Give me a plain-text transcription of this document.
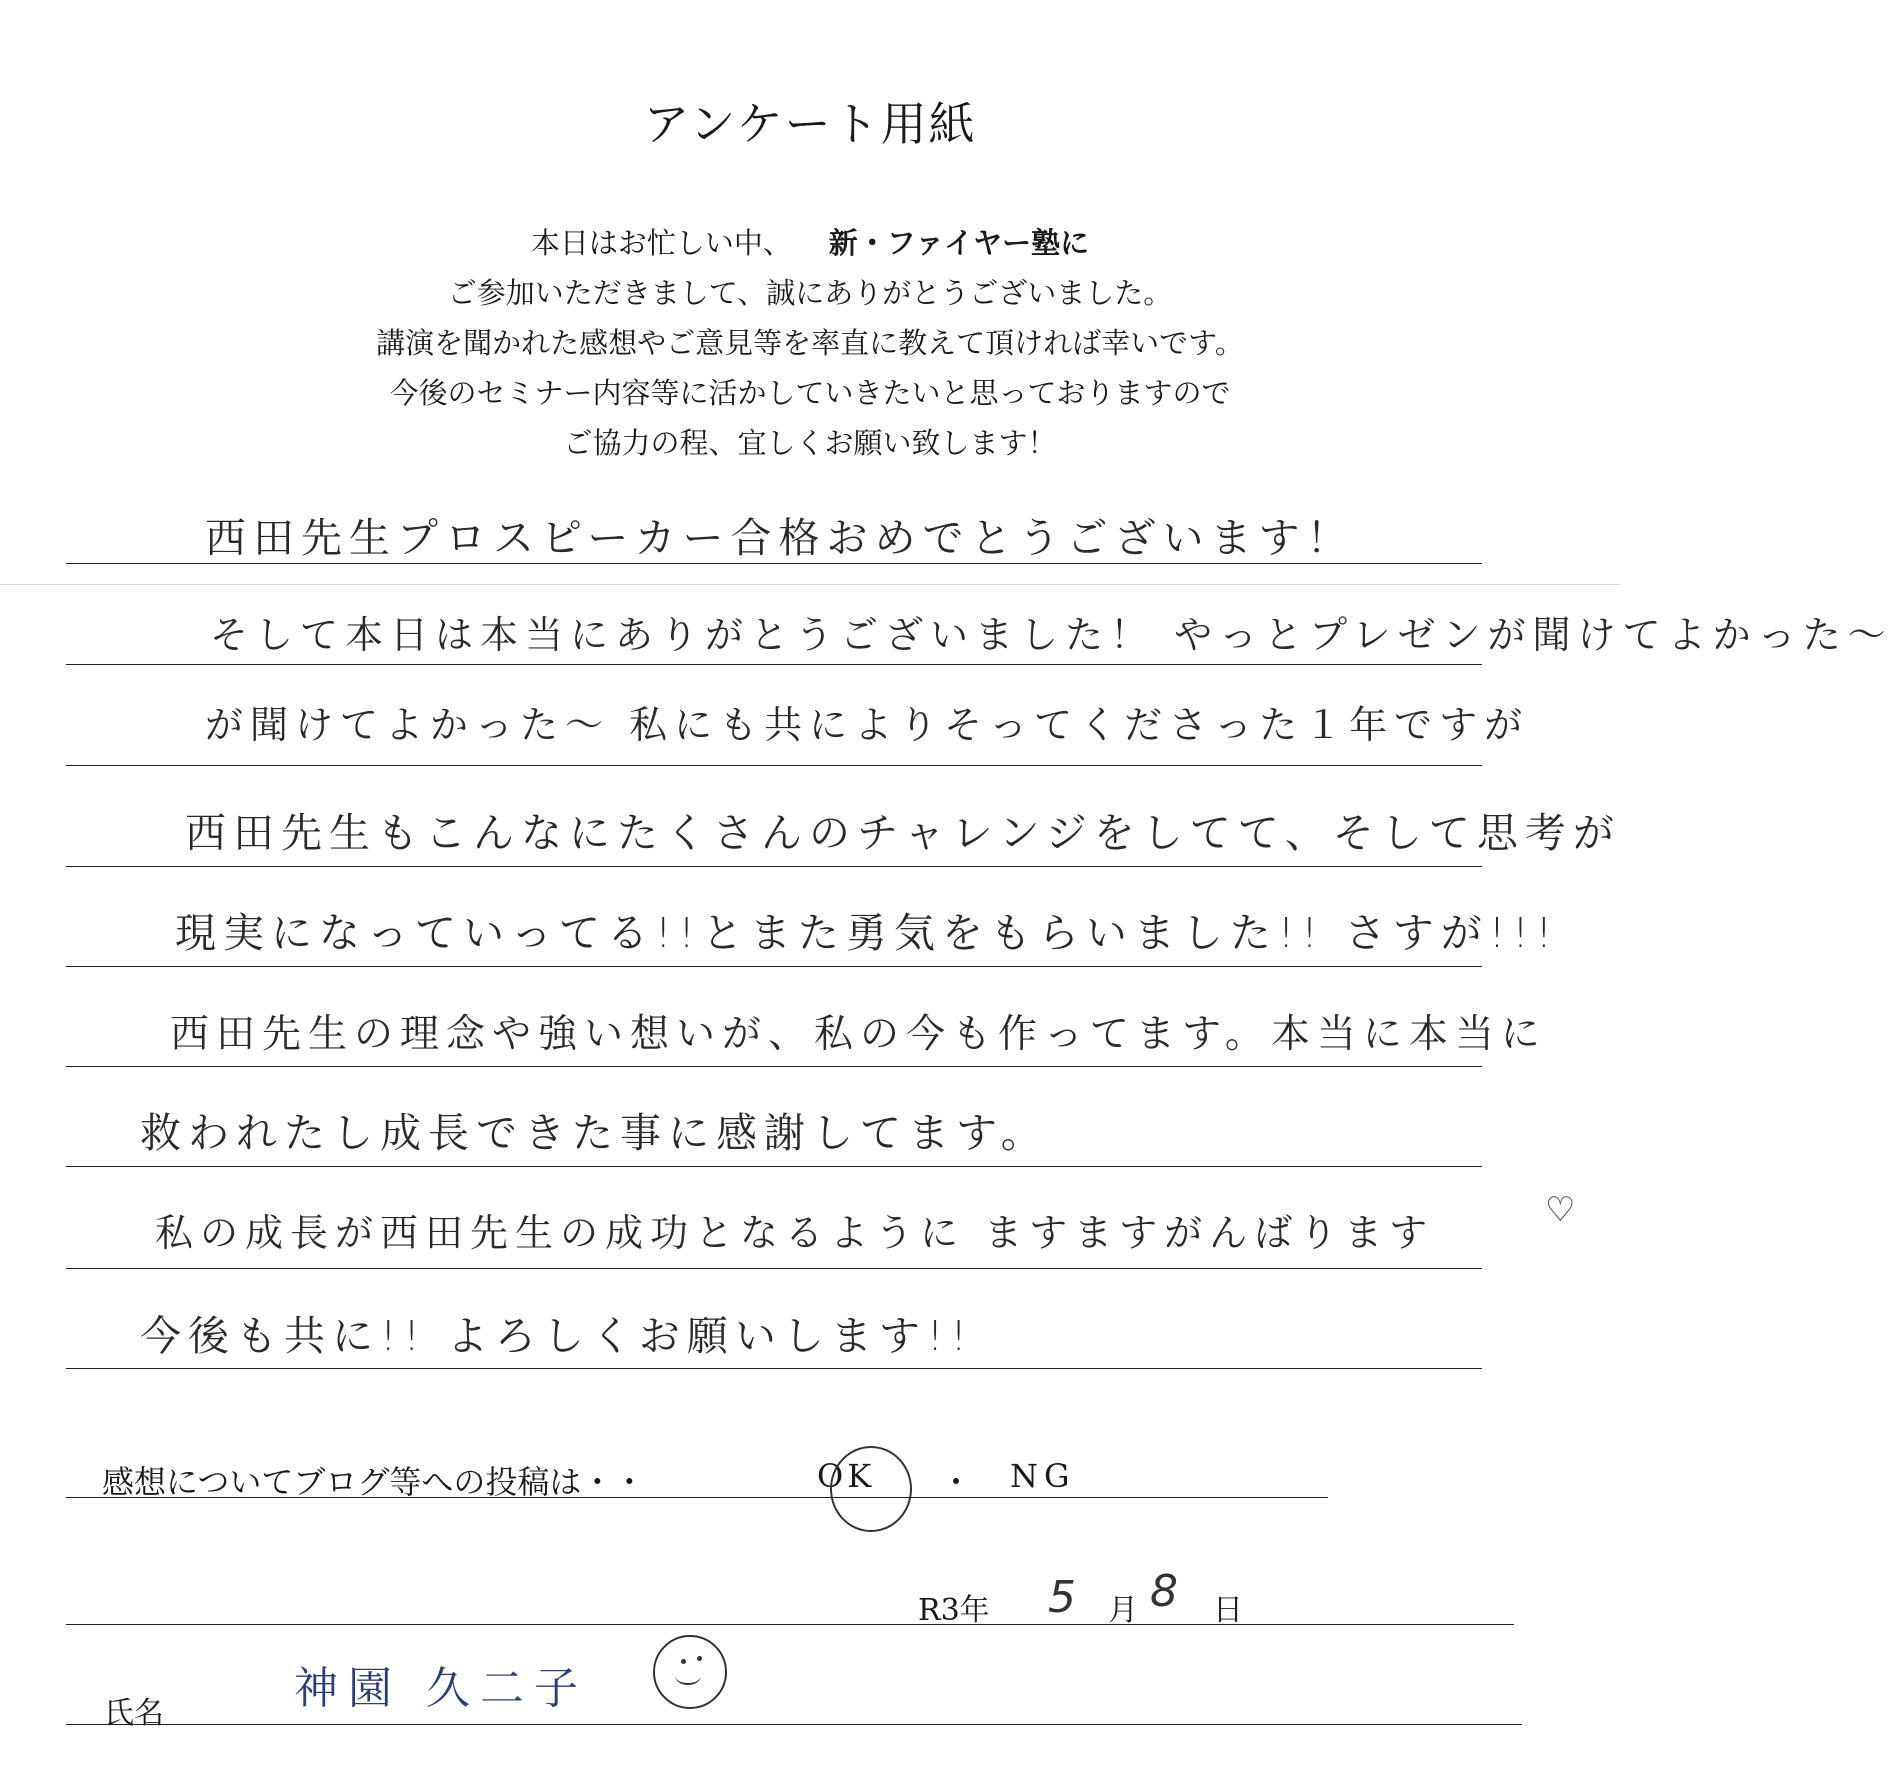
アンケート用紙
本日はお忙しい中、 新・ファイヤー塾に
ご参加いただきまして、誠にありがとうございました。
講演を聞かれた感想やご意見等を率直に教えて頂ければ幸いです。
今後のセミナー内容等に活かしていきたいと思っておりますので
ご協力の程、宜しくお願い致します！
西田先生プロスピーカー合格おめでとうございます！
そして本日は本当にありがとうございました！ やっとプレゼンが聞けてよかった～
が聞けてよかった～ 私にも共によりそってくださった１年ですが
西田先生もこんなにたくさんのチャレンジをしてて、そして思考が
現実になっていってる!!とまた勇気をもらいました!! さすが!!!
西田先生の理念や強い想いが、私の今も作ってます。本当に本当に
救われたし成長できた事に感謝してます。
私の成長が西田先生の成功となるように ますますがんばります
♡
今後も共に!! よろしくお願いします!!
感想についてブログ等への投稿は・・	OK ・ NG
R3年 5 月 8 日
氏名	神園 久二子
